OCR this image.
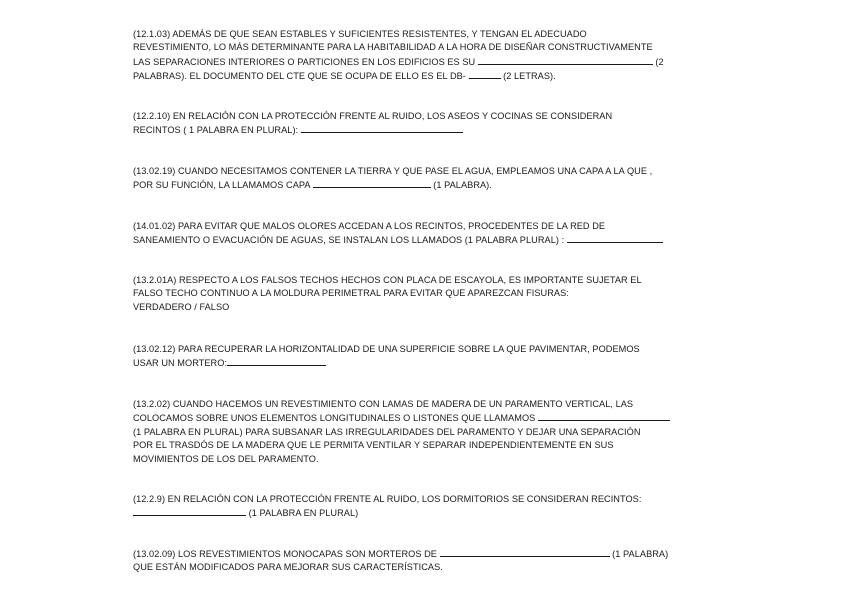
(12.1.03) ADEMÁS DE QUE SEAN ESTABLES Y SUFICIENTES RESISTENTES, Y TENGAN EL ADECUADO
REVESTIMIENTO, LO MÁS DETERMINANTE PARA LA HABITABILIDAD A LA HORA DE DISEÑAR CONSTRUCTIVAMENTE
LAS SEPARACIONES INTERIORES O PARTICIONES EN LOS EDIFICIOS ES SU	(2
PALABRAS). EL DOCUMENTO DEL CTE QUE SE OCUPA DE ELLO ES EL DB-	(2 LETRAS).
(12.2.10) EN RELACIÓN CON LA PROTECCIÓN FRENTE AL RUIDO, LOS ASEOS Y COCINAS SE CONSIDERAN
RECINTOS ( 1 PALABRA EN PLURAL):
(13.02.19) CUANDO NECESITAMOS CONTENER LA TIERRA Y QUE PASE EL AGUA, EMPLEAMOS UNA CAPA A LA QUE ,
POR SU FUNCIÓN, LA LLAMAMOS CAPA	(1 PALABRA).
(14.01.02) PARA EVITAR QUE MALOS OLORES ACCEDAN A LOS RECINTOS, PROCEDENTES DE LA RED DE
SANEAMIENTO O EVACUACIÓN DE AGUAS, SE INSTALAN LOS LLAMADOS (1 PALABRA PLURAL) :
(13.2.01A) RESPECTO A LOS FALSOS TECHOS HECHOS CON PLACA DE ESCAYOLA, ES IMPORTANTE SUJETAR EL
FALSO TECHO CONTINUO A LA MOLDURA PERIMETRAL PARA EVITAR QUE APAREZCAN FISURAS:
VERDADERO / FALSO
(13.02.12) PARA RECUPERAR LA HORIZONTALIDAD DE UNA SUPERFICIE SOBRE LA QUE PAVIMENTAR, PODEMOS
USAR UN MORTERO:
(13.2.02) CUANDO HACEMOS UN REVESTIMIENTO CON LAMAS DE MADERA DE UN PARAMENTO VERTICAL, LAS
COLOCAMOS SOBRE UNOS ELEMENTOS LONGITUDINALES O LISTONES QUE LLAMAMOS
(1 PALABRA EN PLURAL) PARA SUBSANAR LAS IRREGULARIDADES DEL PARAMENTO Y DEJAR UNA SEPARACIÓN
POR EL TRASDÓS DE LA MADERA QUE LE PERMITA VENTILAR Y SEPARAR INDEPENDIENTEMENTE EN SUS
MOVIMIENTOS DE LOS DEL PARAMENTO.
(12.2.9) EN RELACIÓN CON LA PROTECCIÓN FRENTE AL RUIDO, LOS DORMITORIOS SE CONSIDERAN RECINTOS:
(1 PALABRA EN PLURAL)
(13.02.09) LOS REVESTIMIENTOS MONOCAPAS SON MORTEROS DE	(1 PALABRA)
QUE ESTÁN MODIFICADOS PARA MEJORAR SUS CARACTERÍSTICAS.
